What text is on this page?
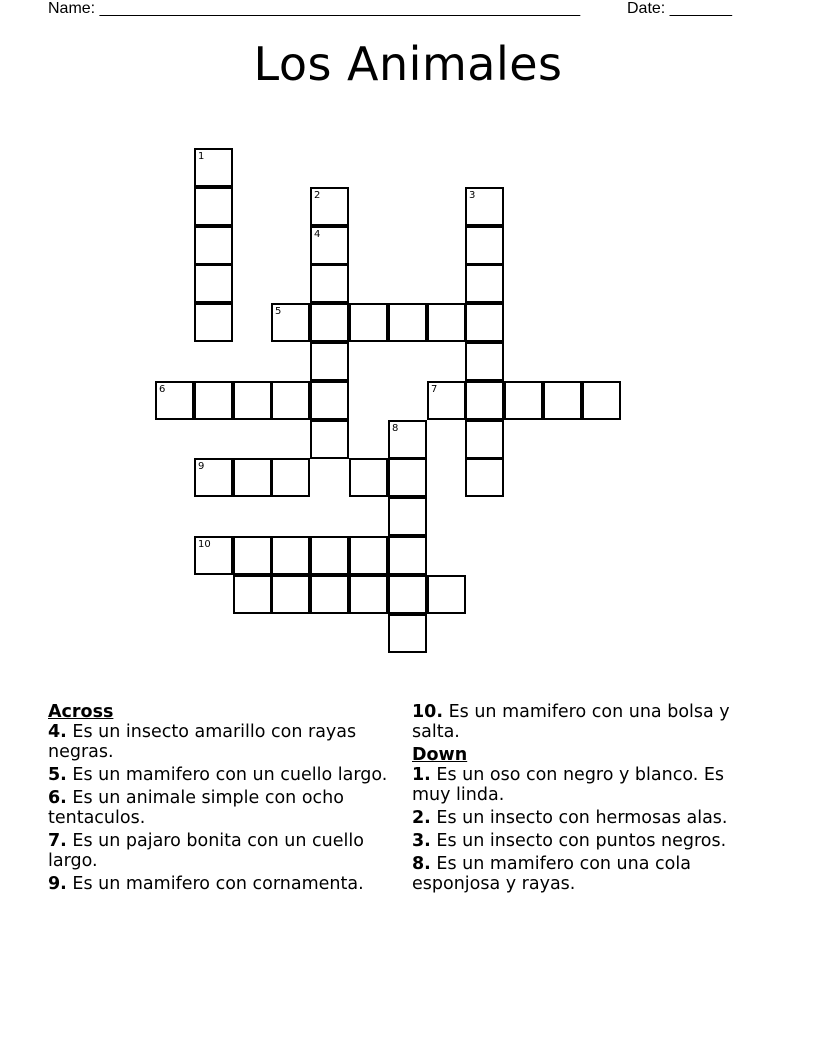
Name: ______________________________________________________	Date: _______
Los Animales
1
2
4
5
6
3
7
9
8
10

Across

4. Es un insecto amarillo con rayas negras.

5. Es un mamifero con un cuello largo.

6. Es un animale simple con ocho tentaculos.

7. Es un pajaro bonita con un cuello largo.

9. Es un mamifero con cornamenta.

10. Es un mamifero con una bolsa y salta.

Down

1. Es un oso con negro y blanco. Es muy linda.

2. Es un insecto con hermosas alas.

3. Es un insecto con puntos negros.

8. Es un mamifero con una cola esponjosa y rayas.
